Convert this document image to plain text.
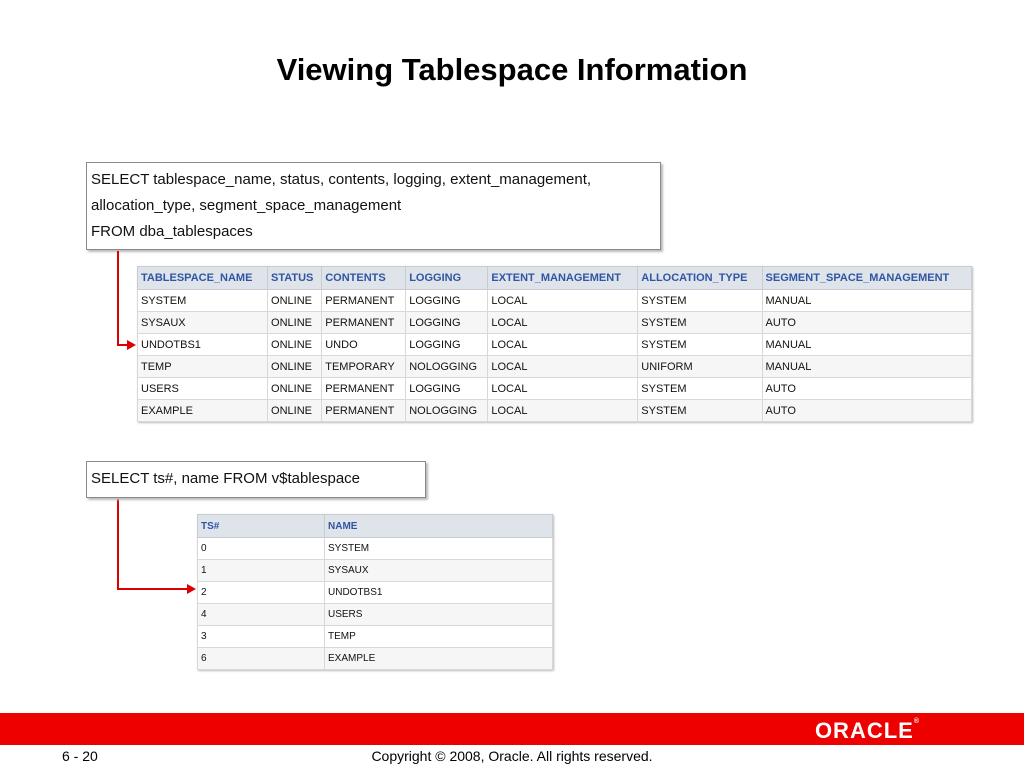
Viewing Tablespace Information
SELECT tablespace_name, status, contents, logging, extent_management,
allocation_type, segment_space_management
FROM dba_tablespaces
TABLESPACE_NAME	STATUS	CONTENTS	LOGGING	EXTENT_MANAGEMENT	ALLOCATION_TYPE	SEGMENT_SPACE_MANAGEMENT
SYSTEM	ONLINE	PERMANENT	LOGGING	LOCAL	SYSTEM	MANUAL
SYSAUX	ONLINE	PERMANENT	LOGGING	LOCAL	SYSTEM	AUTO
UNDOTBS1	ONLINE	UNDO	LOGGING	LOCAL	SYSTEM	MANUAL
TEMP	ONLINE	TEMPORARY	NOLOGGING	LOCAL	UNIFORM	MANUAL
USERS	ONLINE	PERMANENT	LOGGING	LOCAL	SYSTEM	AUTO
EXAMPLE	ONLINE	PERMANENT	NOLOGGING	LOCAL	SYSTEM	AUTO
SELECT ts#, name FROM v$tablespace
TS#	NAME
0	SYSTEM
1	SYSAUX
2	UNDOTBS1
4	USERS
3	TEMP
6	EXAMPLE
ORACLE®
6 - 20	Copyright © 2008, Oracle. All rights reserved.
